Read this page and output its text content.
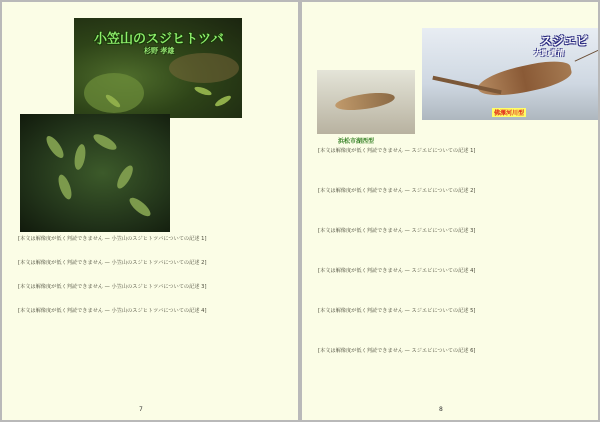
小笠山のスジヒトツバ
杉野 孝雄

[本文は解像度が低く判読できません — 小笠山のスジヒトツバについての記述 1]

[本文は解像度が低く判読できません — 小笠山のスジヒトツバについての記述 2]

[本文は解像度が低く判読できません — 小笠山のスジヒトツバについての記述 3]

[本文は解像度が低く判読できません — 小笠山のスジヒトツバについての記述 4]

7
スジエビ
大貫 貴清
佛澤河川型
浜松市湖西型

[本文は解像度が低く判読できません — スジエビについての記述 1]

[本文は解像度が低く判読できません — スジエビについての記述 2]

[本文は解像度が低く判読できません — スジエビについての記述 3]

[本文は解像度が低く判読できません — スジエビについての記述 4]

[本文は解像度が低く判読できません — スジエビについての記述 5]

[本文は解像度が低く判読できません — スジエビについての記述 6]

8
